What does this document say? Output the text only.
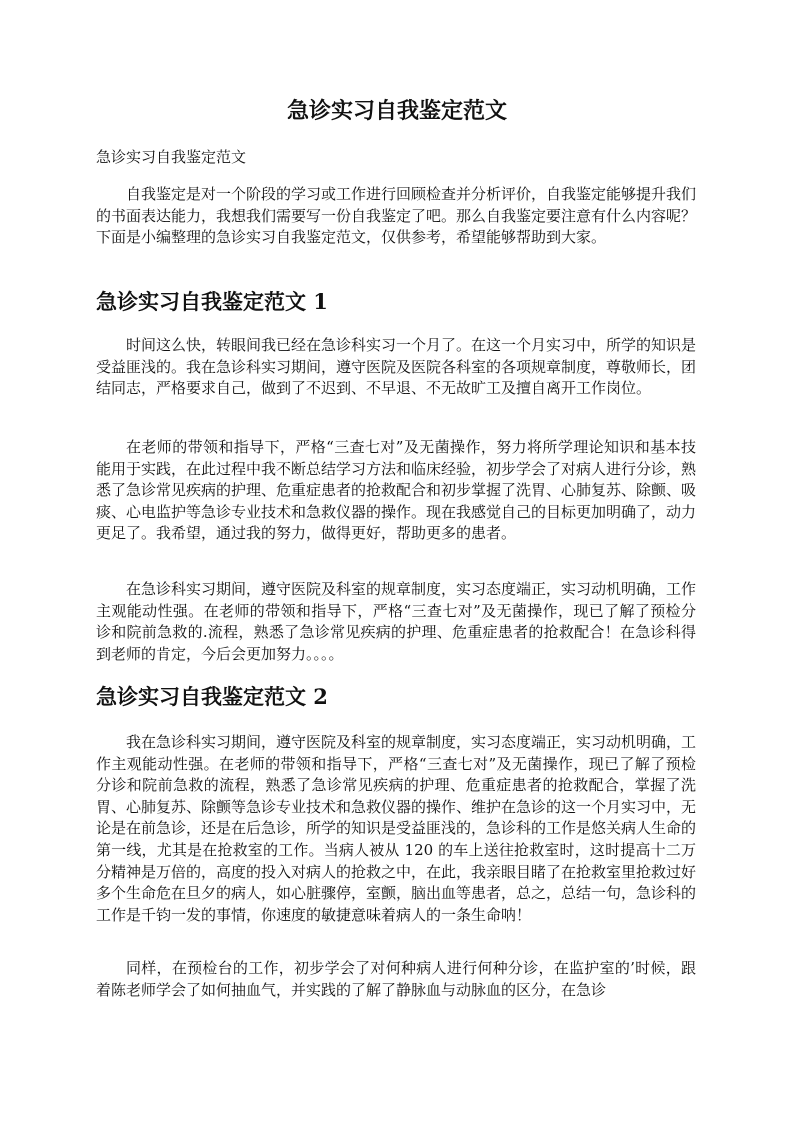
急诊实习自我鉴定范文

急诊实习自我鉴定范文

自我鉴定是对一个阶段的学习或工作进行回顾检查并分析评价，自我鉴定能够提升我们的书面表达能力，我想我们需要写一份自我鉴定了吧。那么自我鉴定要注意有什么内容呢？下面是小编整理的急诊实习自我鉴定范文，仅供参考，希望能够帮助到大家。

急诊实习自我鉴定范文 1

时间这么快，转眼间我已经在急诊科实习一个月了。在这一个月实习中，所学的知识是受益匪浅的。我在急诊科实习期间，遵守医院及医院各科室的各项规章制度，尊敬师长，团结同志，严格要求自己，做到了不迟到、不早退、不无故旷工及擅自离开工作岗位。

在老师的带领和指导下，严格“三查七对”及无菌操作，努力将所学理论知识和基本技能用于实践，在此过程中我不断总结学习方法和临床经验，初步学会了对病人进行分诊，熟悉了急诊常见疾病的护理、危重症患者的抢救配合和初步掌握了洗胃、心肺复苏、除颤、吸痰、心电监护等急诊专业技术和急救仪器的操作。现在我感觉自己的目标更加明确了，动力更足了。我希望，通过我的努力，做得更好，帮助更多的患者。

在急诊科实习期间，遵守医院及科室的规章制度，实习态度端正，实习动机明确，工作主观能动性强。在老师的带领和指导下，严格“三查七对”及无菌操作，现已了解了预检分诊和院前急救的.流程，熟悉了急诊常见疾病的护理、危重症患者的抢救配合！在急诊科得到老师的肯定，今后会更加努力。。。。

急诊实习自我鉴定范文 2

我在急诊科实习期间，遵守医院及科室的规章制度，实习态度端正，实习动机明确，工作主观能动性强。在老师的带领和指导下，严格“三查七对”及无菌操作，现已了解了预检分诊和院前急救的流程，熟悉了急诊常见疾病的护理、危重症患者的抢救配合，掌握了洗胃、心肺复苏、除颤等急诊专业技术和急救仪器的操作、维护在急诊的这一个月实习中，无论是在前急诊，还是在后急诊，所学的知识是受益匪浅的，急诊科的工作是悠关病人生命的第一线，尤其是在抢救室的工作。当病人被从 120 的车上送往抢救室时，这时提高十二万分精神是万倍的，高度的投入对病人的抢救之中，在此，我亲眼目睹了在抢救室里抢救过好多个生命危在旦夕的病人，如心脏骤停，室颤，脑出血等患者，总之，总结一句，急诊科的工作是千钧一发的事情，你速度的敏捷意味着病人的一条生命呐！

同样，在预检台的工作，初步学会了对何种病人进行何种分诊，在监护室的’时候，跟着陈老师学会了如何抽血气，并实践的了解了静脉血与动脉血的区分，在急诊
